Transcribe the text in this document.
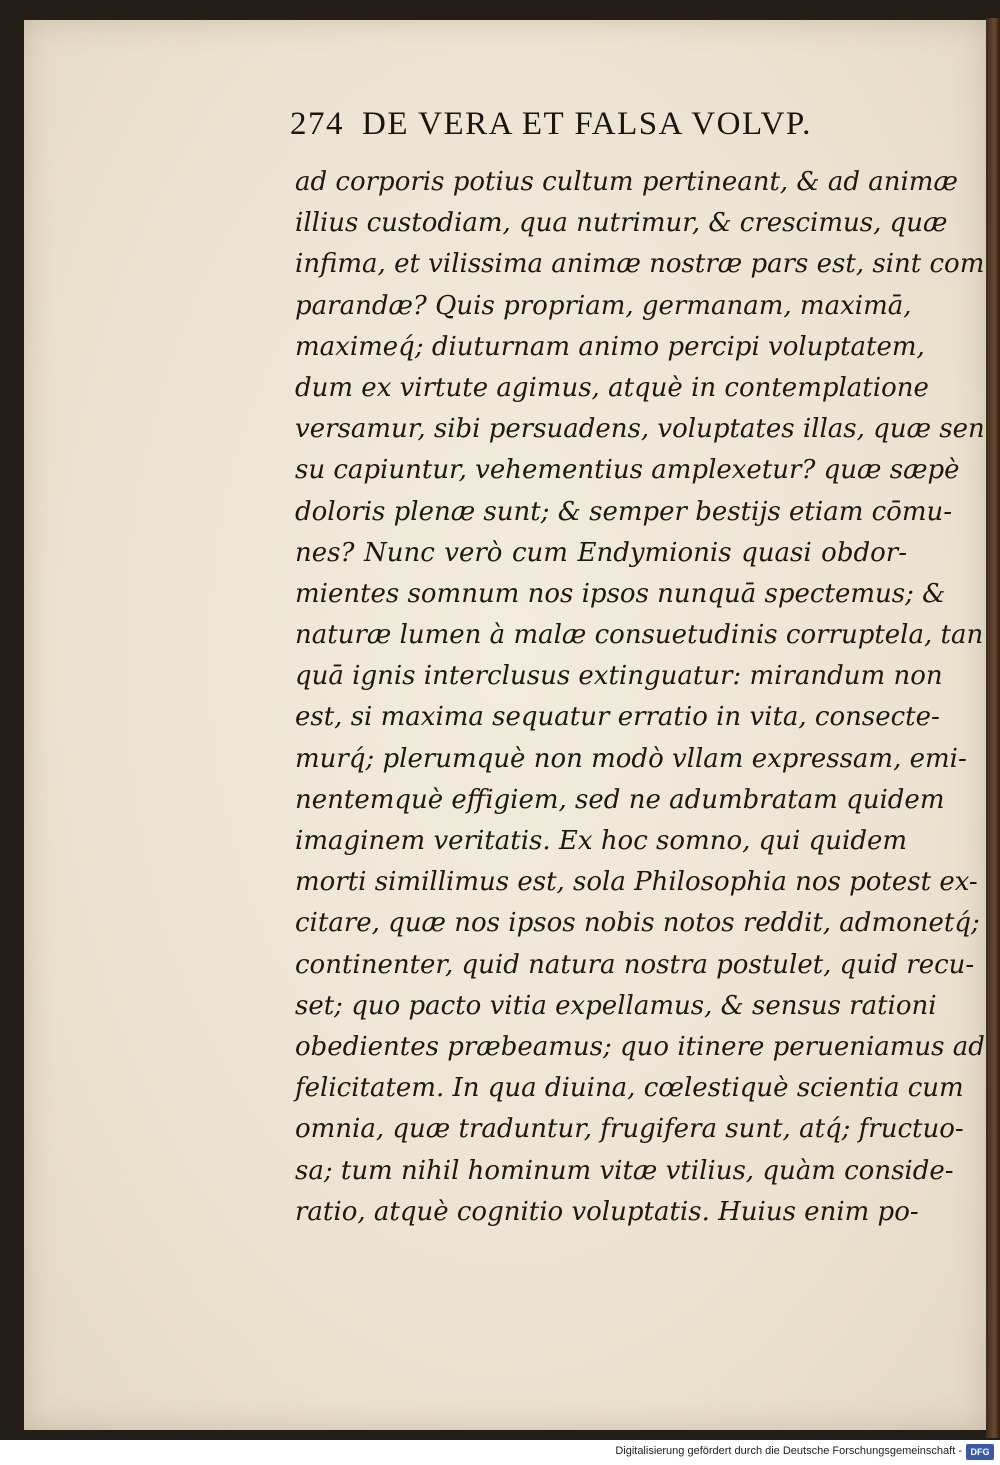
274 DE VERA ET FALSA VOLVP.
ad corporis potius cultum pertineant, & ad animæ
illius custodiam, qua nutrimur, & crescimus, quæ
infima, et vilissima animæ nostræ pars est, sint com
parandæ? Quis propriam, germanam, maximā,
maximeq́; diuturnam animo percipi voluptatem,
dum ex virtute agimus, atquè in contemplatione
versamur, sibi persuadens, voluptates illas, quæ sen
su capiuntur, vehementius amplexetur? quæ sæpè
doloris plenæ sunt; & semper bestijs etiam cōmu-
nes? Nunc verò cum Endymionis quasi obdor-
mientes somnum nos ipsos nunquā spectemus; &
naturæ lumen à malæ consuetudinis corruptela, tan
quā ignis interclusus extinguatur: mirandum non
est, si maxima sequatur erratio in vita, consecte-
murq́; plerumquè non modò vllam expressam, emi-
nentemquè effigiem, sed ne adumbratam quidem
imaginem veritatis. Ex hoc somno, qui quidem
morti simillimus est, sola Philosophia nos potest ex-
citare, quæ nos ipsos nobis notos reddit, admonetq́;
continenter, quid natura nostra postulet, quid recu-
set; quo pacto vitia expellamus, & sensus rationi
obedientes præbeamus; quo itinere perueniamus ad
felicitatem. In qua diuina, cœlestiquè scientia cum
omnia, quæ traduntur, frugifera sunt, atq́; fructuo-
sa; tum nihil hominum vitæ vtilius, quàm conside-
ratio, atquè cognitio voluptatis. Huius enim po-
Digitalisierung gefördert durch die Deutsche Forschungsgemeinschaft - DFG
